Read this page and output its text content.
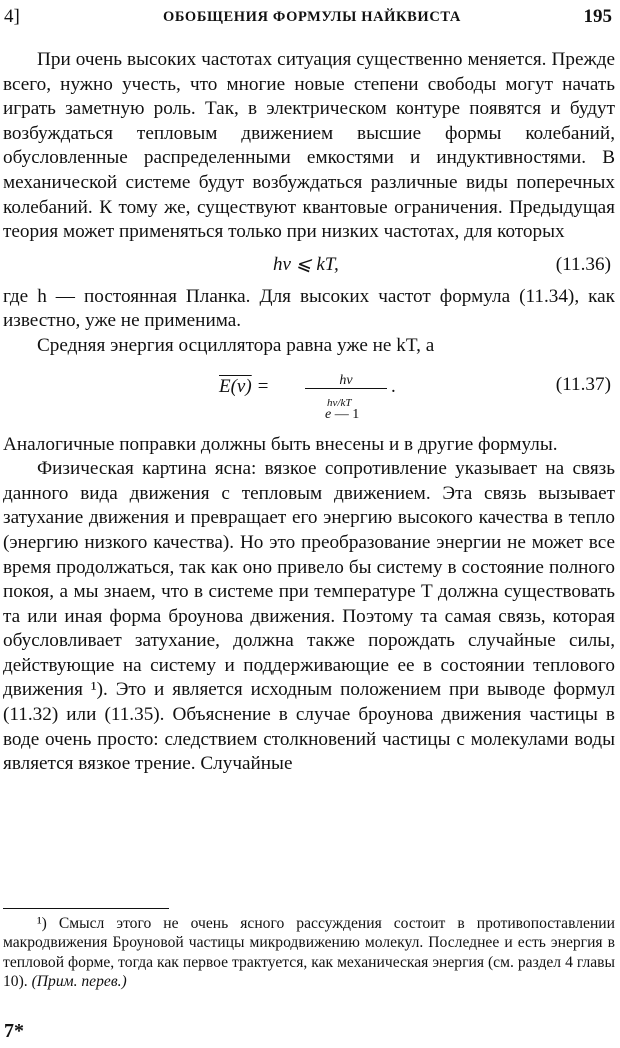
4]	ОБОБЩЕНИЯ ФОРМУЛЫ НАЙКВИСТА	195

При очень высоких частотах ситуация существенно меняется. Прежде всего, нужно учесть, что многие новые степени свободы могут начать играть заметную роль. Так, в электрическом контуре появятся и будут возбуждаться тепловым движением высшие формы колебаний, обусловленные распределенными емкостями и индуктивностями. В механической системе будут возбуждаться различные виды поперечных колебаний. К тому же, существуют квантовые ограничения. Предыдущая теория может применяться только при низких частотах, для которых

hν ⩽ kT,	(11.36)

где h — постоянная Планка. Для высоких частот формула (11.34), как известно, уже не применима.

Средняя энергия осциллятора равна уже не kT, а

E(ν) =	hν
hν/kT
e — 1
.	(11.37)

Аналогичные поправки должны быть внесены и в другие формулы.

Физическая картина ясна: вязкое сопротивление указывает на связь данного вида движения с тепловым движением. Эта связь вызывает затухание движения и превращает его энергию высокого качества в тепло (энергию низкого качества). Но это преобразование энергии не может все время продолжаться, так как оно привело бы систему в состояние полного покоя, а мы знаем, что в системе при температуре T должна существовать та или иная форма броунова движения. Поэтому та самая связь, которая обусловливает затухание, должна также порождать случайные силы, действующие на систему и поддерживающие ее в состоянии теплового движения ¹). Это и является исходным положением при выводе формул (11.32) или (11.35). Объяснение в случае броунова движения частицы в воде очень просто: следствием столкновений частицы с молекулами воды является вязкое трение. Случайные

¹) Смысл этого не очень ясного рассуждения состоит в противопоставлении макродвижения Броуновой частицы микродвижению молекул. Последнее и есть энергия в тепловой форме, тогда как первое трактуется, как механическая энергия (см. раздел 4 главы 10). (Прим. перев.)

7*
